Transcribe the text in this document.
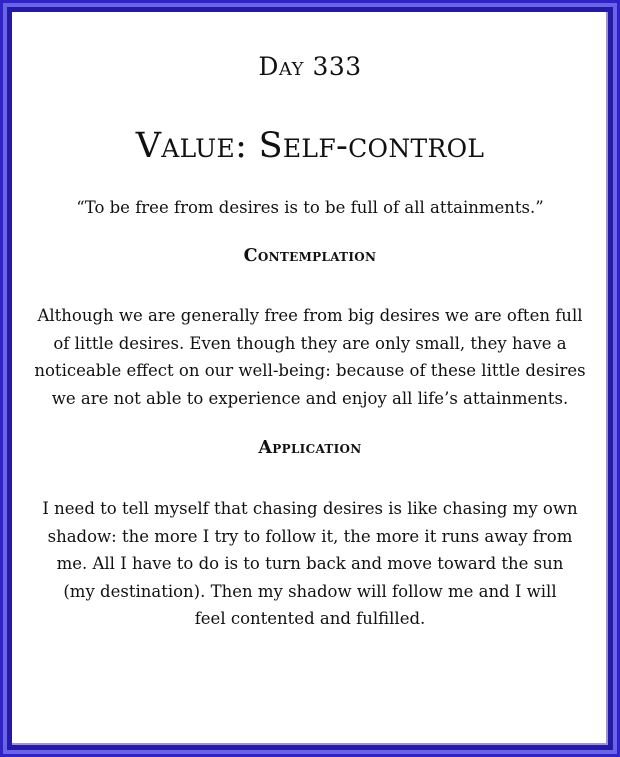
Day 333
Value: Self-control
“To be free from desires is to be full of all attainments.”
Contemplation
Although we are generally free from big desires we are often full
of little desires. Even though they are only small, they have a
noticeable effect on our well-being: because of these little desires
we are not able to experience and enjoy all life’s attainments.
Application
I need to tell myself that chasing desires is like chasing my own
shadow: the more I try to follow it, the more it runs away from
me. All I have to do is to turn back and move toward the sun
(my destination). Then my shadow will follow me and I will
feel contented and fulfilled.
